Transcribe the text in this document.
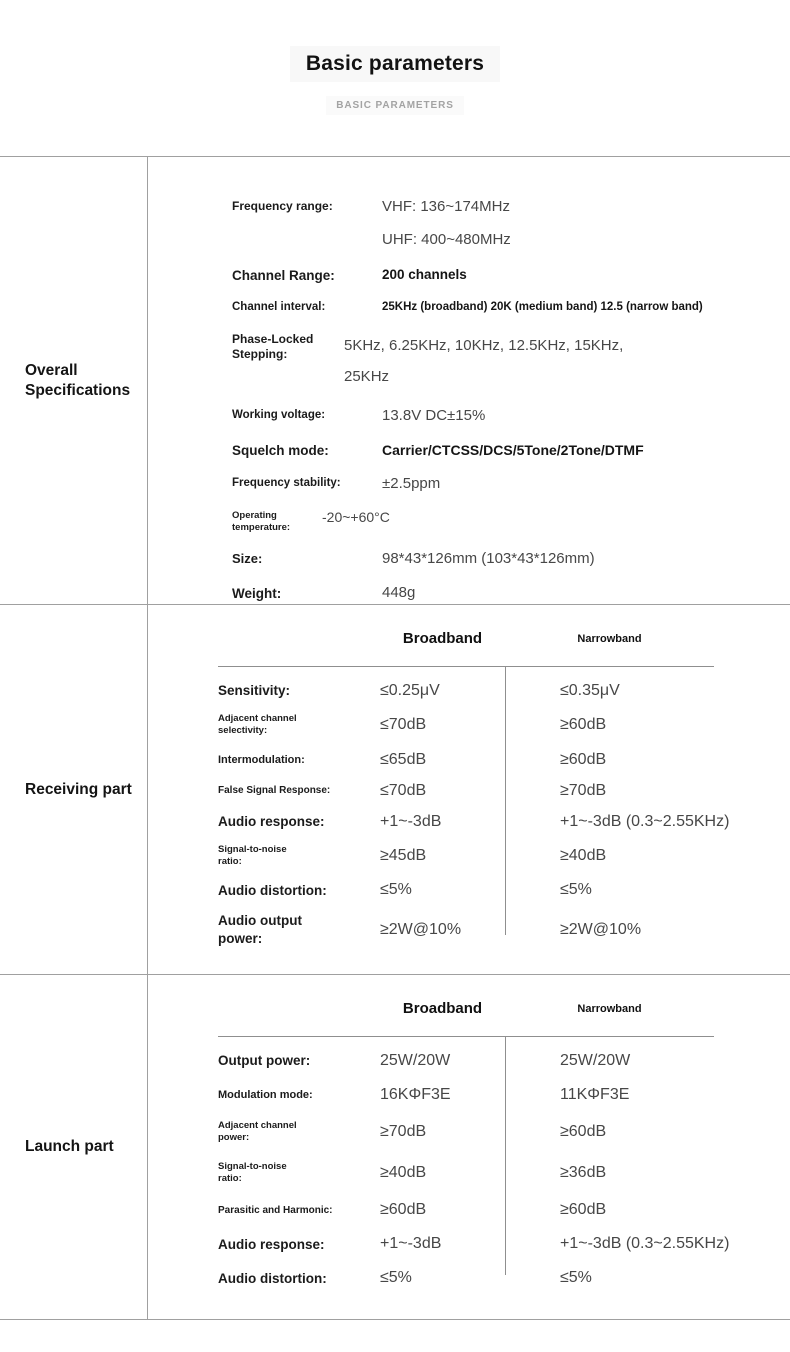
Basic parameters
BASIC PARAMETERS
Overall Specifications
Frequency range:	VHF: 136~174MHz
UHF: 400~480MHz
Channel Range:	200 channels
Channel interval:	25KHz (broadband) 20K (medium band) 12.5 (narrow band)
Phase-Locked Stepping:
5KHz, 6.25KHz, 10KHz, 12.5KHz, 15KHz, 25KHz
Working voltage:	13.8V DC±15%
Squelch mode:	Carrier/CTCSS/DCS/5Tone/2Tone/DTMF
Frequency stability:	±2.5ppm
Operating temperature:
-20~+60°C
Size:	98*43*126mm (103*43*126mm)
Weight:	448g
Receiving part
Broadband	Narrowband
Sensitivity:	≤0.25μV	≤0.35μV
Adjacent channel selectivity:	≤70dB	≥60dB
Intermodulation:	≤65dB	≥60dB
False Signal Response:	≤70dB	≥70dB
Audio response:	+1~-3dB	+1~-3dB (0.3~2.55KHz)
Signal-to-noise ratio:	≥45dB	≥40dB
Audio distortion:	≤5%	≤5%
Audio output power:
≥2W@10%	≥2W@10%
Launch part
Broadband	Narrowband
Output power:	25W/20W	25W/20W
Modulation mode:	16KΦF3E	11KΦF3E
Adjacent channel power:	≥70dB	≥60dB
Signal-to-noise ratio:	≥40dB	≥36dB
Parasitic and Harmonic:	≥60dB	≥60dB
Audio response:	+1~-3dB	+1~-3dB (0.3~2.55KHz)
Audio distortion:	≤5%	≤5%
